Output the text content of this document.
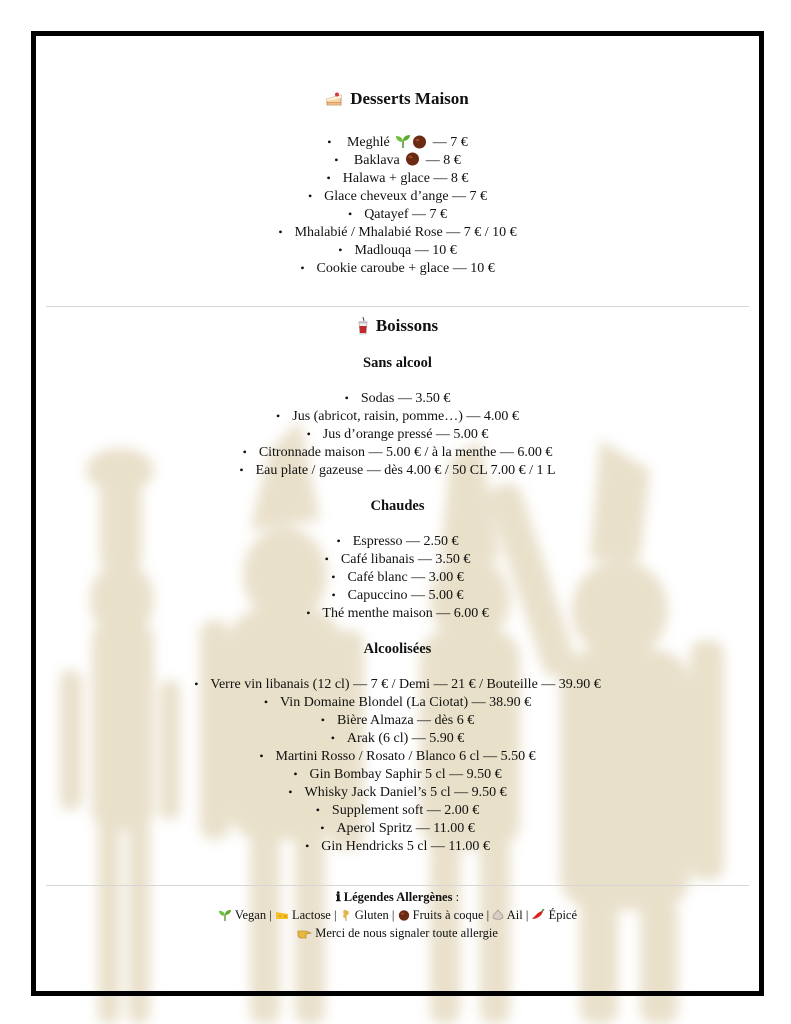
Desserts Maison
• Meghlé	— 7 €
• Baklava — 8 €
• Halawa + glace — 8 €
• Glace cheveux d’ange — 7 €
• Qatayef — 7 €
• Mhalabié / Mhalabié Rose — 7 € / 10 €
• Madlouqa — 10 €
• Cookie caroube + glace — 10 €
Boissons
Sans alcool
• Sodas — 3.50 €
• Jus (abricot, raisin, pomme…) — 4.00 €
• Jus d’orange pressé — 5.00 €
• Citronnade maison — 5.00 € / à la menthe — 6.00 €
• Eau plate / gazeuse — dès 4.00 € / 50 CL 7.00 € / 1 L
Chaudes
• Espresso — 2.50 €
• Café libanais — 3.50 €
• Café blanc — 3.00 €
• Capuccino — 5.00 €
• Thé menthe maison — 6.00 €
Alcoolisées
• Verre vin libanais (12 cl) — 7 € / Demi — 21 € / Bouteille — 39.90 €
• Vin Domaine Blondel (La Ciotat) — 38.90 €
• Bière Almaza — dès 6 €
• Arak (6 cl) — 5.90 €
• Martini Rosso / Rosato / Blanco 6 cl — 5.50 €
• Gin Bombay Saphir 5 cl — 9.50 €
• Whisky Jack Daniel’s 5 cl — 9.50 €
• Supplement soft — 2.00 €
• Aperol Spritz — 11.00 €
• Gin Hendricks 5 cl — 11.00 €
ℹ Légendes Allergènes :
Vegan |  Lactose |  Gluten |  Fruits à coque |  Ail |  Épicé
Merci de nous signaler toute allergie
